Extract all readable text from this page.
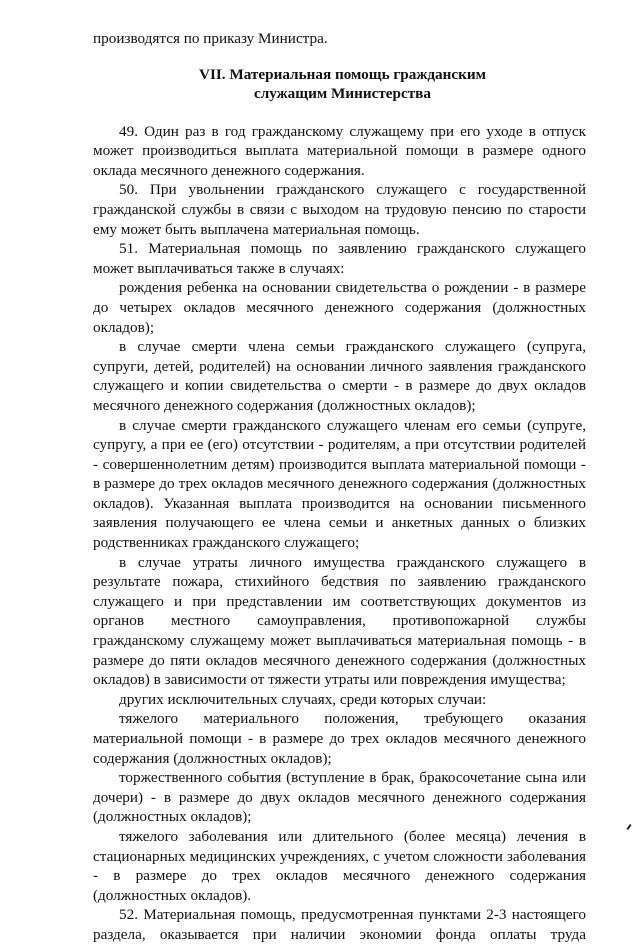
производятся по приказу Министра.

VII. Материальная помощь гражданским
служащим Министерства

49. Один раз в год гражданскому служащему при его уходе в отпуск может производиться выплата материальной помощи в размере одного оклада месячного денежного содержания.

50. При увольнении гражданского служащего с государственной гражданской службы в связи с выходом на трудовую пенсию по старости ему может быть выплачена материальная помощь.

51. Материальная помощь по заявлению гражданского служащего может выплачиваться также в случаях:

рождения ребенка на основании свидетельства о рождении - в размере до четырех окладов месячного денежного содержания (должностных окладов);

в случае смерти члена семьи гражданского служащего (супруга, супруги, детей, родителей) на основании личного заявления гражданского служащего и копии свидетельства о смерти - в размере до двух окладов месячного денежного содержания (должностных окладов);

в случае смерти гражданского служащего членам его семьи (супруге, супругу, а при ее (его) отсутствии - родителям, а при отсутствии родителей - совершеннолетним детям) производится выплата материальной помощи - в размере до трех окладов месячного денежного содержания (должностных окладов). Указанная выплата производится на основании письменного заявления получающего ее члена семьи и анкетных данных о близких родственниках гражданского служащего;

в случае утраты личного имущества гражданского служащего в результате пожара, стихийного бедствия по заявлению гражданского служащего и при представлении им соответствующих документов из органов местного самоуправления, противопожарной службы гражданскому служащему может выплачиваться материальная помощь - в размере до пяти окладов месячного денежного содержания (должностных окладов) в зависимости от тяжести утраты или повреждения имущества;

других исключительных случаях, среди которых случаи:

тяжелого материального положения, требующего оказания материальной помощи - в размере до трех окладов месячного денежного содержания (должностных окладов);

торжественного события (вступление в брак, бракосочетание сына или дочери) - в размере до двух окладов месячного денежного содержания (должностных окладов);

тяжелого заболевания или длительного (более месяца) лечения в стационарных медицинских учреждениях, с учетом сложности заболевания - в размере до трех окладов месячного денежного содержания (должностных окладов).

52. Материальная помощь, предусмотренная пунктами 2-3 настоящего раздела, оказывается при наличии экономии фонда оплаты труда
